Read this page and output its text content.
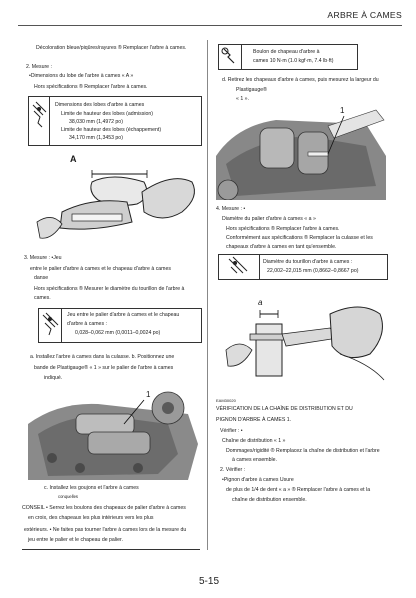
ARBRE À CAMES
Décoloration bleue/piqûres/rayures ® Remplacer l'arbre à cames.
2. Mesure :
•Dimensions du lobe de l'arbre à cames « A »
Hors spécifications ® Remplacer l'arbre à cames.
Dimensions des lobes d'arbre à cames
Limite de hauteur des lobes (admission)
38,030 mm (1,4972 po)
Limite de hauteur des lobes (échappement)
34,170 mm (1,3453 po)
A
3. Mesure : •Jeu
entre le palier d'arbre à cames et le chapeau d'arbre à cames
danse
Hors spécifications ® Mesurer le diamètre du tourillon de l'arbre à
cames.
Jeu entre le palier d'arbre à cames et le chapeau
d'arbre à cames :
0,028–0,062 mm (0,0011–0,0024 po)
a. Installez l'arbre à cames dans la culasse. b. Positionnez une
bande de Plastigauge® « 1 » sur le palier de l'arbre à cames
indiqué.
1
c. Installez les goujons et l'arbre à cames
conquelles
CONSEIL • Serrez les boulons des chapeaux de palier d'arbre à cames
en croix, des chapeaux les plus intérieurs vers les plus
extérieurs. • Ne faites pas tourner l'arbre à cames lors de la mesure du
jeu entre le palier et le chapeau de palier.
Boulon de chapeau d'arbre à
cames 10 N·m (1.0 kgf·m, 7.4 lb·ft)
d. Retirez les chapeaux d'arbre à cames, puis mesurez la largeur du
Plastigauge®
« 1 ».
1
4. Mesure : •
Diamètre du palier d'arbre à cames « a »
Hors spécifications ® Remplacer l'arbre à cames.
Conformément aux spécifications ® Remplacer la culasse et les
chapeaux d'arbre à cames en tant qu'ensemble.
Diamètre du tourillon d'arbre à cames :
22,002–22,015 mm (0,8662–0,8667 po)
a
EAM30020
VÉRIFICATION DE LA CHAÎNE DE DISTRIBUTION ET DU
PIGNON D'ARBRE À CAMES 1.
Vérifier : •
Chaîne de distribution « 1 »
Dommages/rigidité ® Remplacez la chaîne de distribution et l'arbre
à cames ensemble.
2. Vérifier :
•Pignon d'arbre à cames Usure
de plus de 1/4 de dent « a » ® Remplacer l'arbre à cames et la
chaîne de distribution ensemble.
5-15
